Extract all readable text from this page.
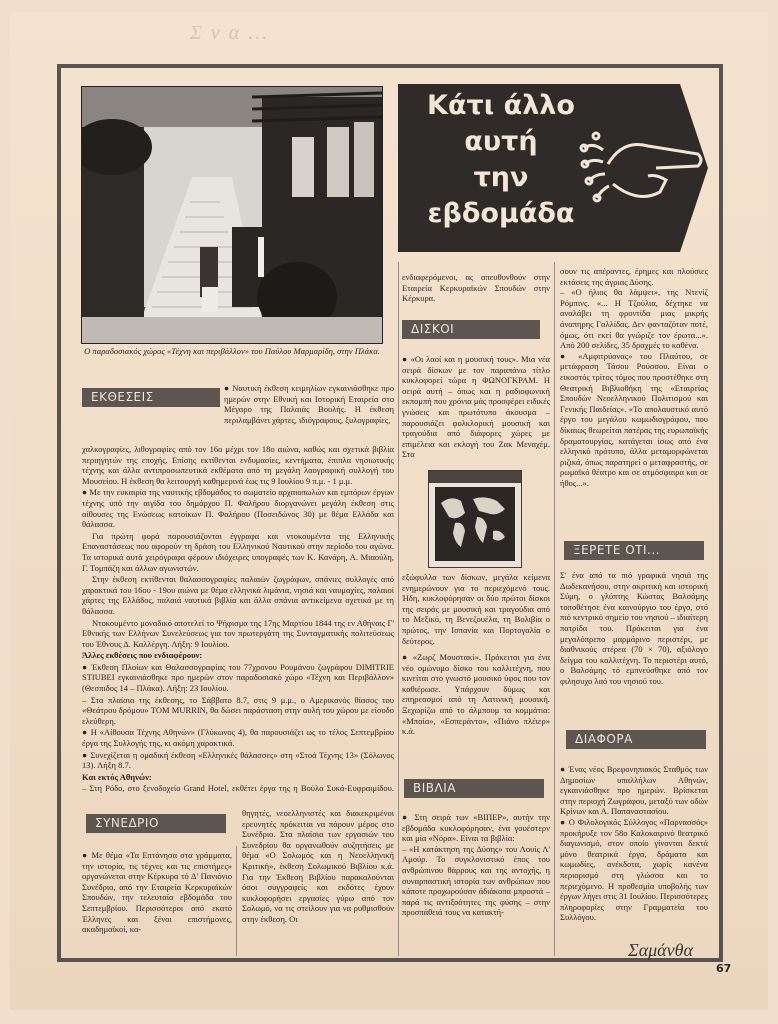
Σ ν α ...
Ο παραδοσιακός χώρος «Τέχνη και περιβάλλον» του Παύλου Μαρμαρίδη, στην Πλάκα.
Κάτι άλλο
αυτή
την
εβδομάδα
ΕΚΘΕΣΕΙΣ
● Ναυτική έκθεση κειμηλίων εγκαινιάσθηκε προ ημερών στην Εθνική και Ιστορική Εταιρεία στο Μέγαρο της Παλαιάς Βουλής. Η έκθεση περιλαμβάνει χάρτες, ιδιόγραφους, ξυλογραφίες,

χαλκογραφίες, λιθογραφίες από τον 16ο μέχρι τον 18ο αιώνα, καθώς και σχετικά βιβλία περιηγητών της εποχής. Επίσης εκτίθενται ενδυμασίες, κεντήματα, έπιπλα νησιωτικής τέχνης και άλλα αντιπροσωπευτικά εκθέματα από τη μεγάλη λαογραφική συλλογή του Μουσείου. Η έκθεση θα λειτουργή καθημερινά έως τις 9 Ιουλίου 9 π.μ. - 1 μ.μ.

● Με την ευκαιρία της ναυτικής εβδομάδος το σωματείο αρχαιοπωλών και εμπόρων έργων τέχνης υπό την αιγίδα του δημάρχου Π. Φαλήρου διοργανώνει μεγάλη έκθεση στις αίθουσες της Ενώσεως κατοίκων Π. Φαλήρου (Ποσειδώνος 30) με θέμα Ελλάδα και θάλασσα.

Για πρώτη φορά παρουσιάζονται έγγραφα και ντοκουμέντα της Ελληνικής Επαναστάσεως που αφορούν τη δράση του Ελληνικού Ναυτικού στην περίοδο του αγώνα. Τα ιστορικά αυτά χειρόγραφα φέρουν ιδιόχειρες υπογραφές των Κ. Κανάρη, Α. Μιαούλη, Γ. Τομπάζη και άλλων αγωνιστών.

Στην έκθεση εκτίθενται θαλασσογραφίες παλαιών ζωγράφων, σπάνιες συλλογές από χαρακτικά του 16ου - 19ου αιώνα με θέμα ελληνικά λιμάνια, νησιά και ναυμαχίες, παλαιοί χάρτες της Ελλάδος, παλαιά ναυτικά βιβλία και άλλα σπάνια αντικείμενα σχετικά με τη θάλασσα.

Ντοκουμέντο μοναδικό αποτελεί το Ψήφισμα της 17ης Μαρτίου 1844 της εν Αθήναις Γ' Εθνικής των Ελλήνων Συνελεύσεως για τον πρωτεργάτη της Συνταγματικής πολιτεύσεως του Έθνους Δ. Καλλέργη. Λήξη: 9 Ιουλίου.

Άλλες εκθέσεις που ενδιαφέρουν:

● Έκθεση Πλοίων και Θαλασσογραφίας του 77χρονου Ρουμάνου ζωγράφου DIMITRIE STIUBEI εγκαινιάσθηκε προ ημερών στον παραδοσιακό χώρο «Τέχνη και Περιβάλλον» (Θεσπιδος 14 – Πλάκα). Λήξη: 23 Ιουλίου.

– Στα πλαίσια της έκθεσης, το Σάββατο 8.7, στις 9 μ.μ., ο Αμερικανός θίασος του «Θεάτρου δρόμου» TOM MURRIN, θα δώσει παράσταση στην αυλή του χώρου με είσοδο ελεύθερη.

● Η «Αίθουσα Τέχνης Αθηνών» (Γλύκωνος 4), θα παρουσιάζει ως το τέλος Σεπτεμβρίου έργα της Συλλογής της, κι ακόμη χαρακτικά.

● Συνεχίζεται η ομαδική έκθεση «Ελληνικές θάλασσες» στη «Στοά Τέχνης 13» (Σόλωνος 13). Λήξη 8.7.

Και εκτός Αθηνών:

– Στη Ρόδο, στο ξενοδοχείο Grand Hotel, εκθέτει έργα της η Βούλα Συκά-Ευφραιμίδου.

ΣΥΝΕΔΡΙΟ
● Με θέμα «Τα Επτάνησα στα γράμματα, την ιστορία, τις τέχνες και τις επιστήμες» οργανώνεται στην Κέρκυρα τό Δ' Πανιόνιο Συνέδριο, από την Εταιρεία Κερκυραϊκών Σπουδών, την τελευταία εβδομάδα του Σεπτεμβρίου. Περισσότεροι από εκατό Έλληνες και ξένοι επιστήμονες, ακαδημαϊκοί, κα-
θηγητές, νεοελληνιστές και διακεκριμένοι ερευνητές πρόκειται να πάρουν μέρος στο Συνέδριο. Στα πλαίσια των εργασιών του Συνεδρίου θα οργανωθούν συζητήσεις με θέμα «Ο Σολωμός και η Νεοελληνική Κριτική», έκθεση Σολωμικού Βιβλίου κ.ά. Για την Έκθεση Βιβλίου παρακαλούνται όσοι συγγραφείς και εκδότες έχουν κυκλοφορήσει εργασίες γύρω από τον Σολωμό, να τις στείλουν για να ρυθμισθούν στην έκθεση. Οι
ενδιαφερόμενοι, ας απευθυνθούν στην Εταιρεία Κερκυραϊκών Σπουδών στην Κέρκυρα.
ΔΙΣΚΟΙ
● «Οι λαοί και η μουσική τους». Μια νέα σειρά δίσκων με τον παραπάνω τίτλο κυκλοφορεί τώρα η ΦΩΝΟΓΚΡΑΜ. Η σειρά αυτή – όπως και η ραδιοφωνική εκπομπή που χρόνια μάς προσφέρει ειδικές γνώσεις και πρωτότυπο άκουσμα – παρουσιάζει φολκλορική μουσική και τραγούδια από διάφορες χώρες με επιμέλεια και εκλογή του Ζακ Μεναχέμ. Στα
εξώφυλλα των δίσκων, μεγάλα κείμενα ενημερώνουν για το περιεχόμενό τους. Ήδη, κυκλοφόρησαν οι δύο πρώτοι δίσκοι της σειράς με μουσική και τραγούδια από το Μεξικό, τη Βενεζουέλα, τη Βολιβία ο πρώτος, την Ισπανία και Πορτογαλία ο δεύτερος.
● «Ζωρζ Μουστακί». Πρόκειται για ένα νέο ομώνυμο δίσκο του καλλιτέχνη, που κινείται στο γνωστό μουσικό ύφος που τον καθιέρωσε. Υπάρχουν δύμως και επηρεασμοί από τη Λατινική μουσική. Ξεχωρίζω από το άλμπουμ τα κομμάτια: «Μπαία», «Εσπεράντο», «Πιάνο πλέιερ» κ.ά.
ΒΙΒΛΙΑ
● Στη σειρά των «ΒΙΠΕΡ», αυτήν την εβδομάδα κυκλοφόρησαν, ένα γουέστερν και μία «Νόρα». Είναι τα βιβλία:
– «Η κατάκτηση της Δύσης» του Λουίς Λ' Αμούρ. Το συγκλονιστικό έπος του ανθρώπινου θάρρους και της αντοχής, η συναρπαστική ιστορία των ανθρώπων που κάποτε προχωρούσαν άδιάκοπα μπροστά – παρά τις αντιξοότητες της φύσης – στην προσπάθειά τους να κατακτή-
σουν τις απέραντες, έρημες και πλούσιες εκτάσεις της άγριας Δύσης.
– «Ο ήλιος θα λάμψει», της Ντενίζ Ρόμπινς. «... Η Τζούλια, δέχτηκε να αναλάβει τη φροντίδα μιας μικρής άναπηρης Γαλλίδας. Δεν φανταζόταν ποτέ, όμως, ότι εκεί θα γνώριζε τον έρωτα...». Από 200 σελίδες, 35 δραχμές το καθένα.
● «Αμφιτρύονας» του Πλαύτου, σε μετάφραση Τάσου Ρούσσου. Είναι ο εικοστός τρίτος τόμος που προστέθηκε στη Θεατρική Βιβλιοθήκη της «Εταιρείας Σπουδών Νεοελληνικού Πολιτισμού και Γενικής Παιδείας». «Το απολαυστικό αυτό έργο του μεγάλου κωμωδιογράφου, που δίκαιως θεωρείται πατέρας της ευρωπαϊκής δραματουργίας, κατάγεται ίσως από ένα ελληνικό πρότυπο, άλλα μεταμορφώνεται ριζικά, όπως παρατηρεί ο μεταφραστής, σε ρωμαϊκό θέατρο και σε ατμόσφαιρα και σε ήθος...».
ΞΕΡΕΤΕ ΟΤΙ...
Σ' ένα από τα πιό γραφικά νησιά της Δωδεκανήσου, στην ακριτική και ιστορική Σύμη, ο γλύπτης Κώστας Βαλσάμης τοποθέτησε ένα καινούργιο του έργο, στό πιό κεντρικό σημείο του νησιού – ιδιαίτερη πατρίδα του. Πρόκειται για ένα μεγαλόπρεπο μαρμάρινο περιστέρι, με διαθνικούς στέρεα (70 × 70), αξιόλογο δείγμα του καλλιτέχνη. Το περιστέρι αυτό, ο Βαλσάμης τό εμπνεύσθηκε από τον φιλησυχο λαό του νησιού του.
ΔΙΑΦΟΡΑ
● Ένας νέος Βρεφονηπιακός Σταθμός των Δημοσίων υπαλλήλων Αθηνών, εγκαινιάσθηκε προ ημερών. Βρίσκεται στην περιοχή Ζωγράφου, μεταξύ των οδών Κρίνων και Α. Παπαναστασίου.
● Ο Φιλολογικός Σύλλογος «Παρνασσός» προκήρυξε τον 58ο Καλοκαιρινό θεατρικό διαγωνισμό, στον οποίο γίνονται δεκτά μόνο θεατρικά έργα, δράματα και κωμωδίες, ανέκδοτα, χωρίς κανένα περιορισμό στη γλώσσα και το περιεχόμενο. Η προθεσμία υποβολής των έργων λήγει στις 31 Ιουλίου. Περισσότερες πληροφορίες στην Γραμματεία του Συλλόγου.
Σαμάνθα
67
